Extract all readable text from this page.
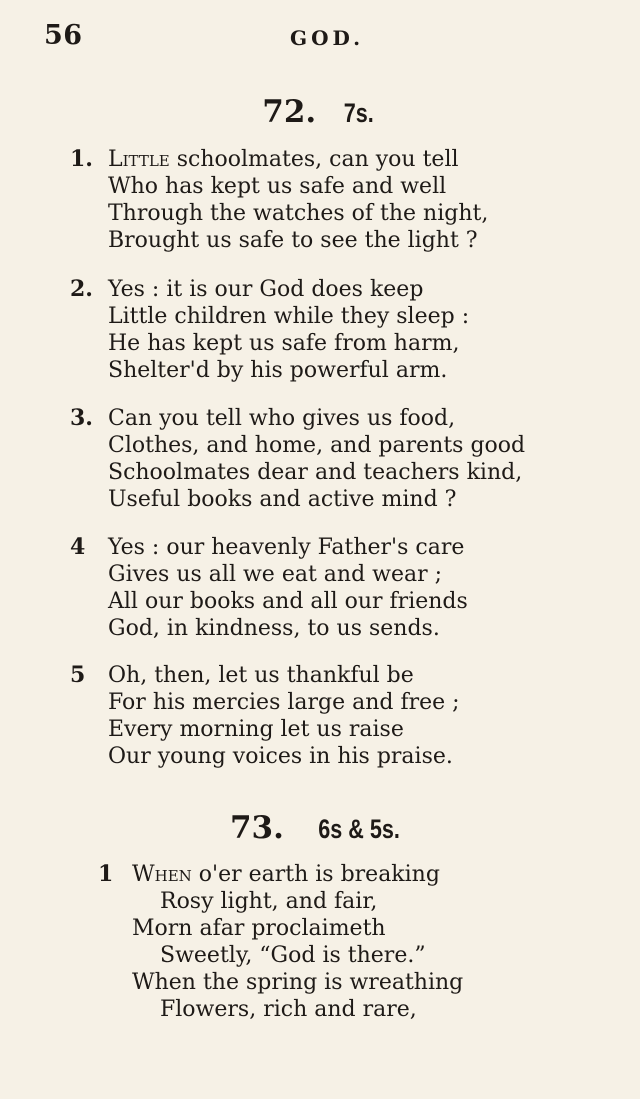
56	GOD.
72. 7s.
1. Little schoolmates, can you tell
Who has kept us safe and well
Through the watches of the night,
Brought us safe to see the light ?
2. Yes : it is our God does keep
Little children while they sleep :
He has kept us safe from harm,
Shelter'd by his powerful arm.
3. Can you tell who gives us food,
Clothes, and home, and parents good
Schoolmates dear and teachers kind,
Useful books and active mind ?
4 Yes : our heavenly Father's care
Gives us all we eat and wear ;
All our books and all our friends
God, in kindness, to us sends.
5 Oh, then, let us thankful be
For his mercies large and free ;
Every morning let us raise
Our young voices in his praise.
73. 6s & 5s.
1 When o'er earth is breaking
Rosy light, and fair,
Morn afar proclaimeth
Sweetly, “God is there.”
When the spring is wreathing
Flowers, rich and rare,
